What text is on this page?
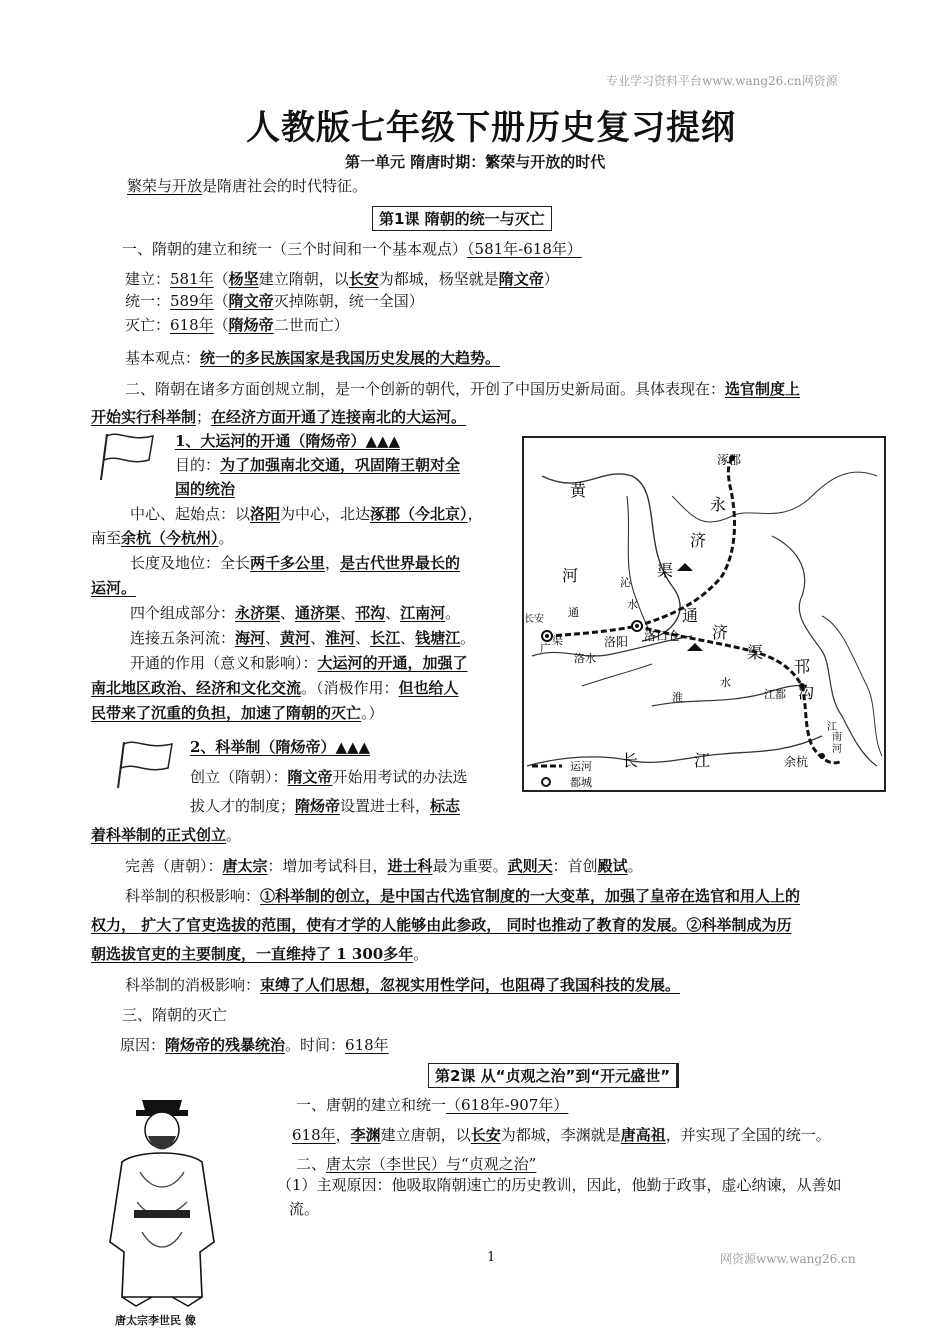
专业学习资料平台www.wang26.cn网资源
人教版七年级下册历史复习提纲
第一单元 隋唐时期：繁荣与开放的时代
繁荣与开放是隋唐社会的时代特征。
第1课 隋朝的统一与灭亡
一、隋朝的建立和统一（三个时间和一个基本观点）（581年-618年）
建立：581年（杨坚建立隋朝，以长安为都城，杨坚就是隋文帝）
统一：589年（隋文帝灭掉陈朝，统一全国）
灭亡：618年（隋炀帝二世而亡）
基本观点：统一的多民族国家是我国历史发展的大趋势。
二、隋朝在诸多方面创规立制，是一个创新的朝代，开创了中国历史新局面。具体表现在：选官制度上
开始实行科举制；在经济方面开通了连接南北的大运河。
1、大运河的开通（隋炀帝）▲▲▲
目的：为了加强南北交通，巩固隋王朝对全
国的统治
中心、起始点：以洛阳为中心，北达涿郡（今北京），
南至余杭（今杭州）。
长度及地位：全长两千多公里，是古代世界最长的
运河。
四个组成部分：永济渠、通济渠、邗沟、江南河。
连接五条河流：海河、黄河、淮河、长江、钱塘江。
开通的作用（意义和影响）：大运河的开通，加强了
南北地区政治、经济和文化交流。（消极作用：但也给人
民带来了沉重的负担，加速了隋朝的灭亡。）
涿郡
黄
河
永
济
渠
沁
水
长安
通
渠
广
洛水
洛阳 洛口仓
通
济
渠
淮
水
邗
沟
江都
江
南
河
余杭
长	江
运河
都城
2、科举制（隋炀帝）▲▲▲
创立（隋朝）：隋文帝开始用考试的办法选
拔人才的制度；隋炀帝设置进士科，标志
着科举制的正式创立。
完善（唐朝）：唐太宗：增加考试科目，进士科最为重要。武则天：首创殿试。
科举制的积极影响：①科举制的创立，是中国古代选官制度的一大变革，加强了皇帝在选官和用人上的
权力， 扩大了官吏选拔的范围，使有才学的人能够由此参政， 同时也推动了教育的发展。②科举制成为历
朝选拔官吏的主要制度，一直维持了 1 300多年。
科举制的消极影响：束缚了人们思想，忽视实用性学问，也阻碍了我国科技的发展。
三、隋朝的灭亡
原因：隋炀帝的残暴统治。时间：618年
第2课 从“贞观之治”到“开元盛世”
唐太宗李世民 像
一、唐朝的建立和统一（618年-907年）
618年，李渊建立唐朝，以长安为都城，李渊就是唐高祖，并实现了全国的统一。
二、唐太宗（李世民）与“贞观之治”
（1）主观原因：他吸取隋朝速亡的历史教训，因此，他勤于政事，虚心纳谏，从善如
流。
1	网资源www.wang26.cn
